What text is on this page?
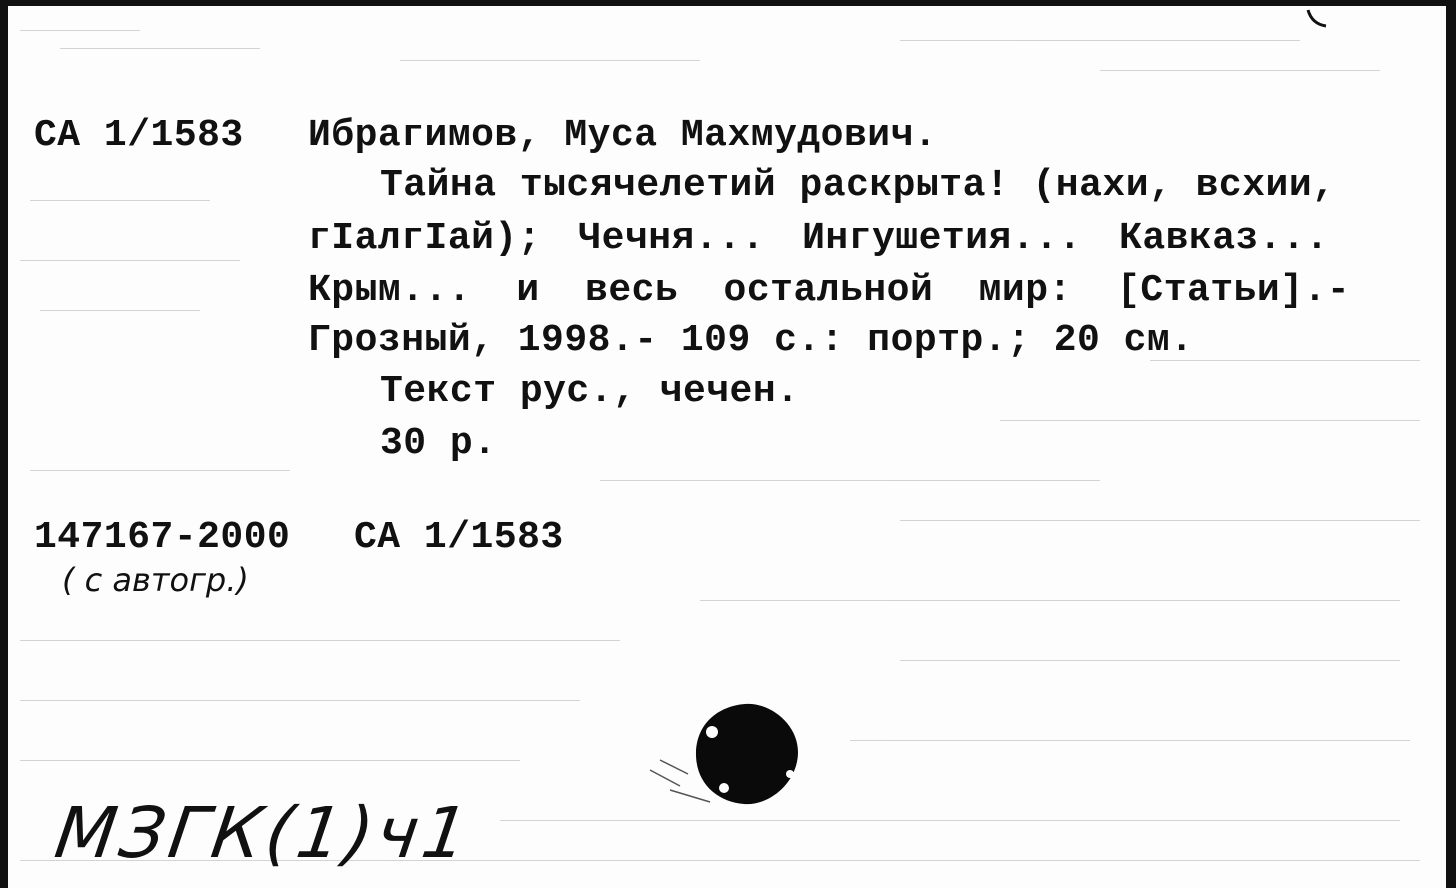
CA 1/1583 Ибрагимов, Муса Махмудович.
Тайна тысячелетий раскрыта! (нахи, всхии,
гIалгIай); Чечня... Ингушетия... Кавказ...
Крым... и весь остальной мир: [Статьи].-
Грозный, 1998.- 109 с.: портр.; 20 см.
Текст рус., чечен.
30 р.
147167-2000 CA 1/1583
( с автогр.)
МЗГК(1)ч1
